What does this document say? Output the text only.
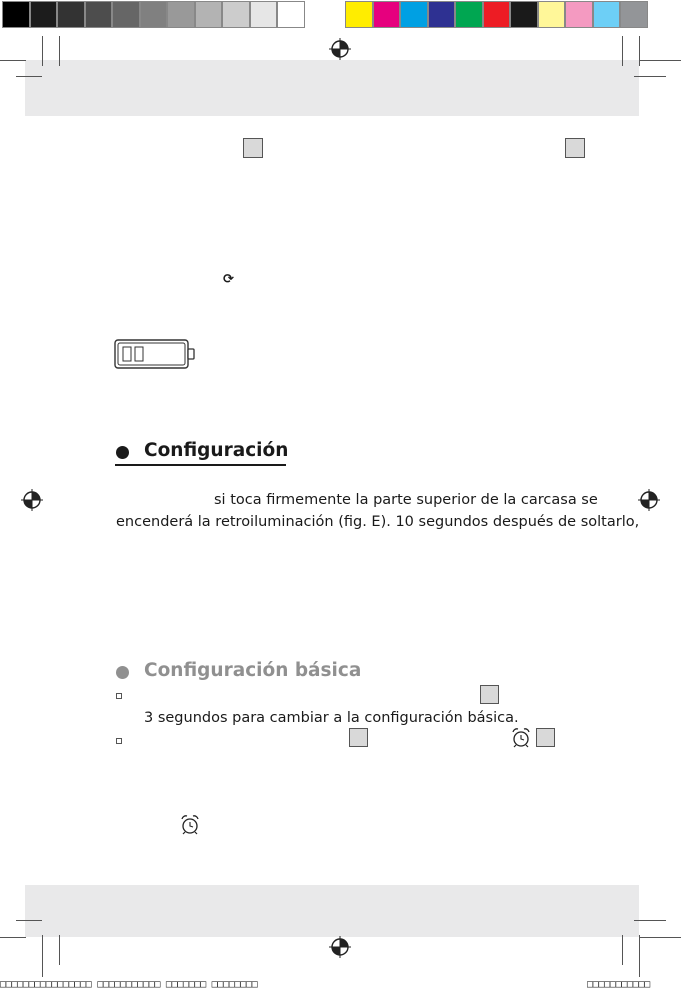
⟳
Configuración
si toca firmemente la parte superior de la carcasa se
encenderá la retroiluminación (fig. E). 10 segundos después de soltarlo,
Configuración básica
3 segundos para cambiar a la configuración básica.
□□□□□□□□□□□□□□□□ □□□□□□□□□□□ □□□□□□□ □□□□□□□□	□□□□□□□□□□□
